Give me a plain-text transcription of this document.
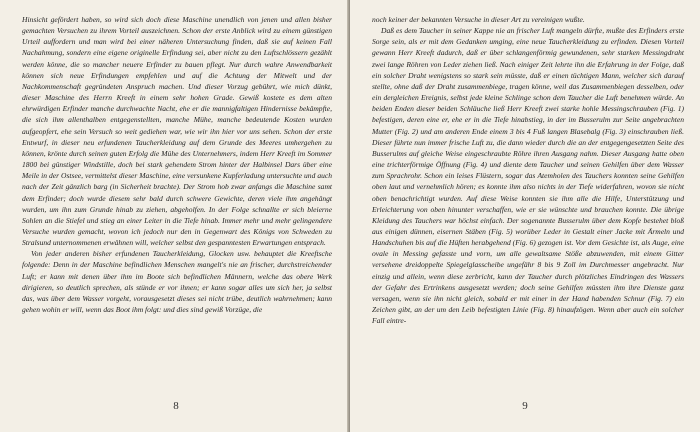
Hinsicht gefördert haben, so wird sich doch diese Maschine unendlich von jenen und allen bisher gemachten Versuchen zu ihrem Vorteil auszeichnen. Schon der erste Anblick wird zu einem günstigen Urteil auffordern und man wird bei einer näheren Untersuchung finden, daß sie auf keinen Fall Nachahmung, sondern eine eigene originelle Erfindung sei, aber nicht zu den Luftschlössern gezählt werden könne, die so mancher neuere Erfinder zu bauen pflegt. Nur durch wahre Anwendbarkeit können sich neue Erfindungen empfehlen und auf die Achtung der Mitwelt und der Nachkommenschaft gegründeten Anspruch machen. Und dieser Vorzug gebührt, wie mich dünkt, dieser Maschine des Herrn Kreeft in einem sehr hohen Grade. Gewiß kostete es dem alten ehrwürdigen Erfinder manche durchwachte Nacht, ehe er die mannigfaltigen Hindernisse bekämpfte, die sich ihm allenthalben entgegenstellten, manche Mühe, manche bedeutende Kosten wurden aufgeopfert, ehe sein Versuch so weit gediehen war, wie wir ihn hier vor uns sehen. Schon der erste Entwurf, in dieser neu erfundenen Taucherkleidung auf dem Grunde des Meeres umhergehen zu können, krönte durch seinen guten Erfolg die Mühe des Unternehmers, indem Herr Kreeft im Sommer 1800 bei günstiger Windstille, doch bei stark gehendem Strom hinter der Halbinsel Dars über eine Meile in der Ostsee, vermittelst dieser Maschine, eine versunkene Kupferladung untersuchte und auch nach der Zeit gänzlich barg (in Sicherheit brachte). Der Strom hob zwar anfangs die Maschine samt dem Erfinder; doch wurde diesem sehr bald durch schwere Gewichte, deren viele ihm angehängt wurden, um ihn zum Grunde hinab zu ziehen, abgeholfen. In der Folge schnallte er sich bleierne Sohlen an die Stiefel und stieg an einer Leiter in die Tiefe hinab. Immer mehr und mehr gelingendere Versuche wurden gemacht, wovon ich jedoch nur den in Gegenwart des Königs von Schweden zu Stralsund unternommenen erwähnen will, welcher selbst den gespanntesten Erwartungen entsprach.

Von jeder anderen bisher erfundenen Taucherkleidung, Glocken usw. behauptet die Kreeftsche folgende: Denn in der Maschine befindlichen Menschen mangelt's nie an frischer, durchstreichender Luft; er kann mit denen über ihm im Boote sich befindlichen Männern, welche das obere Werk dirigieren, so deutlich sprechen, als stünde er vor ihnen; er kann sogar alles um sich her, ja selbst das, was über dem Wasser vorgeht, vorausgesetzt dieses sei nicht trübe, deutlich wahrnehmen; kann gehen wohin er will, wenn das Boot ihm folgt: und dies sind gewiß Vorzüge, die

8

noch keiner der bekannten Versuche in dieser Art zu vereinigen wußte.

Daß es dem Taucher in seiner Kappe nie an frischer Luft mangeln dürfte, mußte des Erfinders erste Sorge sein, als er mit dem Gedanken umging, eine neue Taucherkleidung zu erfinden. Diesen Vorteil gewann Herr Kreeft dadurch, daß er über schlangenförmig gewundenen, sehr starken Messingdraht zwei lange Röhren von Leder ziehen ließ. Nach einiger Zeit lehrte ihn die Erfahrung in der Folge, daß ein solcher Draht wenigstens so stark sein müsste, daß er einen tüchtigen Mann, welcher sich darauf stellte, ohne daß der Draht zusammenbiege, tragen könne, weil das Zusammenbiegen desselben, oder ein dergleichen Ereignis, selbst jede kleine Schlinge schon dem Taucher die Luft benehmen würde. An beiden Enden dieser beiden Schläuche ließ Herr Kreeft zwei starke hohle Messingschrauben (Fig. 1) befestigen, deren eine er, ehe er in die Tiefe hinabstieg, in der im Busserulm zur Seite angebrachten Mutter (Fig. 2) und am anderen Ende einem 3 bis 4 Fuß langen Blasebalg (Fig. 3) einschrauben ließ. Dieser führte nun immer frische Luft zu, die dann wieder durch die an der entgegengesetzten Seite des Busserulms auf gleiche Weise eingeschraubte Röhre ihren Ausgang nahm. Dieser Ausgang hatte oben eine trichterförmige Öffnung (Fig. 4) und diente dem Taucher und seinen Gehilfen über dem Wasser zum Sprachrohr. Schon ein leises Flüstern, sogar das Atemholen des Tauchers konnten seine Gehilfen oben laut und vernehmlich hören; es konnte ihm also nichts in der Tiefe widerfahren, wovon sie nicht oben benachrichtigt wurden. Auf diese Weise konnten sie ihm alle die Hilfe, Unterstützung und Erleichterung von oben hinunter verschaffen, wie er sie wünschte und brauchen konnte. Die übrige Kleidung des Tauchers war höchst einfach. Der sogenannte Busserulm über dem Kopfe bestehet bloß aus einigen dünnen, eisernen Stäben (Fig. 5) worüber Leder in Gestalt einer Jacke mit Ärmeln und Handschuhen bis auf die Hüften herabgehend (Fig. 6) gezogen ist. Vor dem Gesichte ist, als Auge, eine ovale in Messing gefasste und vorn, um alle gewaltsame Stöße abzuwenden, mit einem Gitter versehene dreidoppelte Spiegelglasscheibe ungefähr 8 bis 9 Zoll im Durchmesser angebracht. Nur einzig und allein, wenn diese zerbricht, kann der Taucher durch plötzliches Eindringen des Wassers der Gefahr des Ertrinkens ausgesetzt werden; doch seine Gehilfen müssten ihm ihre Dienste ganz versagen, wenn sie ihn nicht gleich, sobald er mit einer in der Hand habenden Schnur (Fig. 7) ein Zeichen gibt, an der um den Leib befestigten Linie (Fig. 8) hinaufzögen. Wenn aber auch ein solcher Fall eintre-

9
